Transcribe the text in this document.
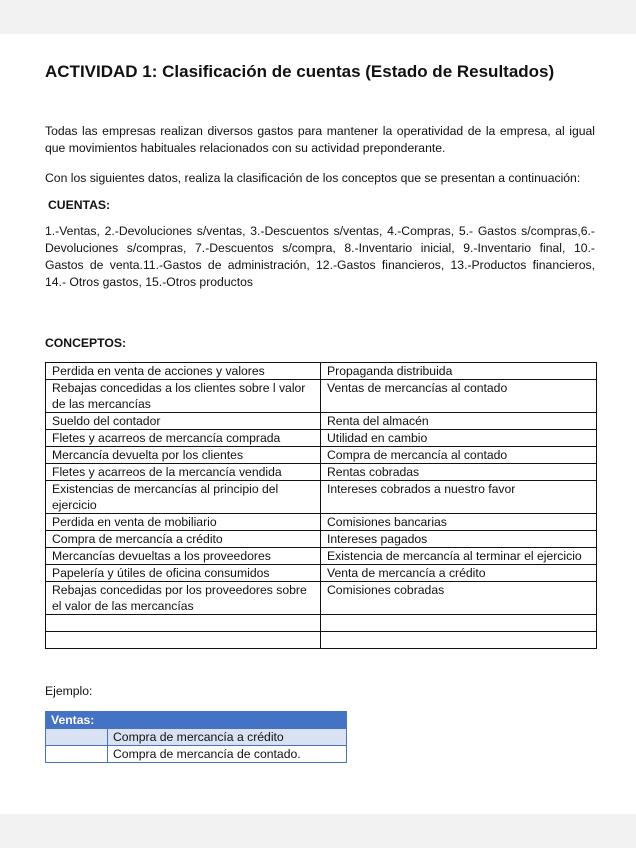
ACTIVIDAD 1: Clasificación de cuentas (Estado de Resultados)

Todas las empresas realizan diversos gastos para mantener la operatividad de la empresa, al igual que movimientos habituales relacionados con su actividad preponderante.

Con los siguientes datos, realiza la clasificación de los conceptos que se presentan a continuación:

CUENTAS:

1.-Ventas, 2.-Devoluciones s/ventas, 3.-Descuentos s/ventas, 4.-Compras, 5.- Gastos s/compras,6.- Devoluciones s/compras, 7.-Descuentos s/compra, 8.-Inventario inicial, 9.-Inventario final, 10.- Gastos de venta.11.-Gastos de administración, 12.-Gastos financieros, 13.-Productos financieros, 14.- Otros gastos, 15.-Otros productos

CONCEPTOS:

Perdida en venta de acciones y valores	Propaganda distribuida
Rebajas concedidas a los clientes sobre l valor de las mercancías	Ventas de mercancías al contado
Sueldo del contador	Renta del almacén
Fletes y acarreos de mercancía comprada	Utilidad en cambio
Mercancía devuelta por los clientes	Compra de mercancía al contado
Fletes y acarreos de la mercancía vendida	Rentas cobradas
Existencias de mercancías al principio del ejercicio	Intereses cobrados a nuestro favor
Perdida en venta de mobiliario	Comisiones bancarias
Compra de mercancía a crédito	Intereses pagados
Mercancías devueltas a los proveedores	Existencia de mercancía al terminar el ejercicio
Papelería y útiles de oficina consumidos	Venta de mercancía a crédito
Rebajas concedidas por los proveedores sobre el valor de las mercancías	Comisiones cobradas

Ejemplo:
Ventas:	
	Compra de mercancía a crédito
	Compra de mercancía de contado.
